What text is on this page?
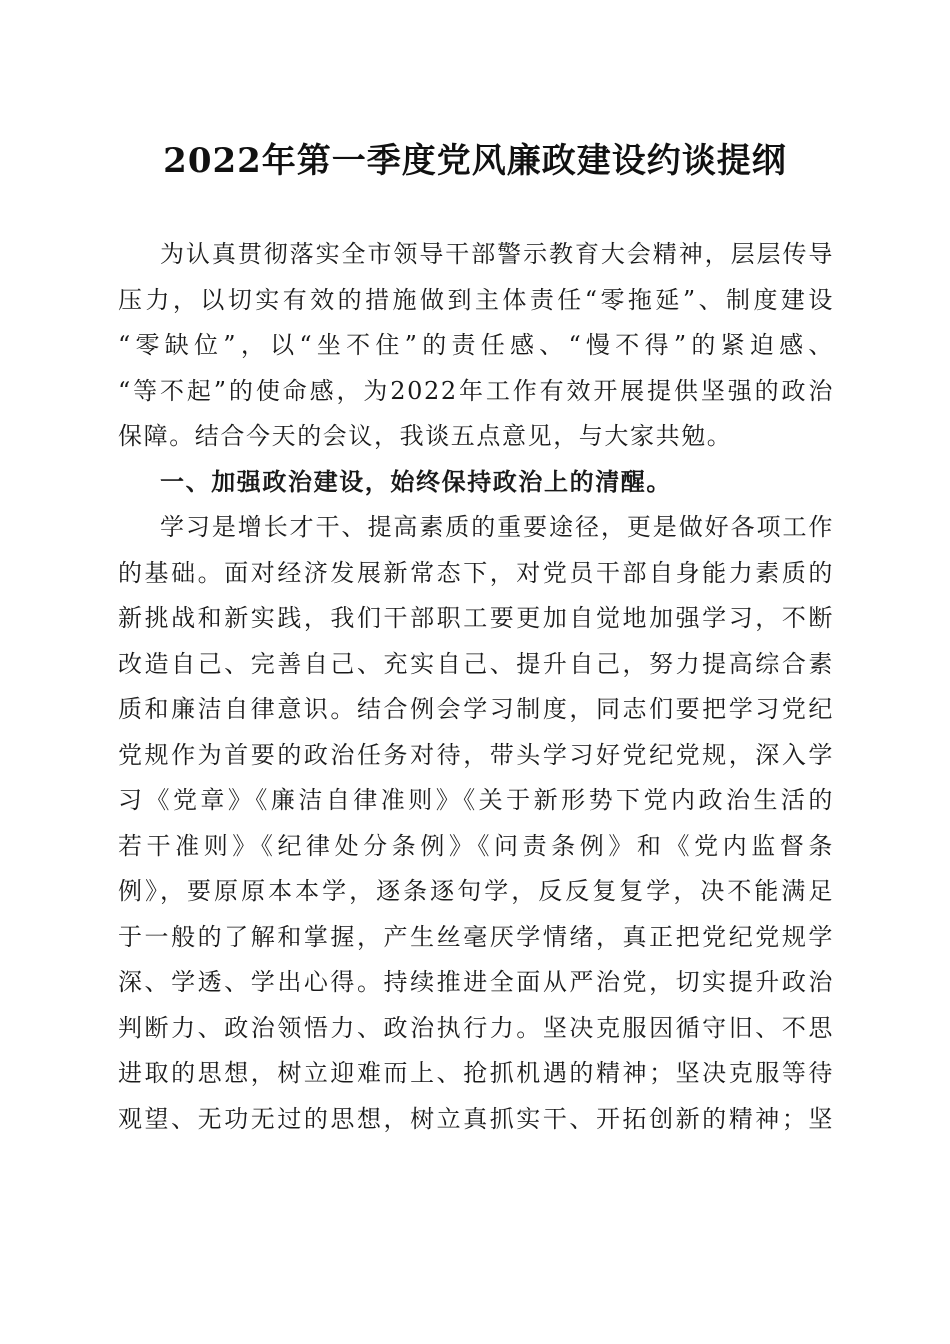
2022年第一季度党风廉政建设约谈提纲
为认真贯彻落实全市领导干部警示教育大会精神，层层传导
压力，以切实有效的措施做到主体责任“零拖延”、制度建设
“零缺位”，以“坐不住”的责任感、“慢不得”的紧迫感、
“等不起”的使命感，为2022年工作有效开展提供坚强的政治
保障。结合今天的会议，我谈五点意见，与大家共勉。
一、加强政治建设，始终保持政治上的清醒。
学习是增长才干、提高素质的重要途径，更是做好各项工作
的基础。面对经济发展新常态下，对党员干部自身能力素质的
新挑战和新实践，我们干部职工要更加自觉地加强学习，不断
改造自己、完善自己、充实自己、提升自己，努力提高综合素
质和廉洁自律意识。结合例会学习制度，同志们要把学习党纪
党规作为首要的政治任务对待，带头学习好党纪党规，深入学
习《党章》《廉洁自律准则》《关于新形势下党内政治生活的
若干准则》《纪律处分条例》《问责条例》和《党内监督条
例》，要原原本本学，逐条逐句学，反反复复学，决不能满足
于一般的了解和掌握，产生丝毫厌学情绪，真正把党纪党规学
深、学透、学出心得。持续推进全面从严治党，切实提升政治
判断力、政治领悟力、政治执行力。坚决克服因循守旧、不思
进取的思想，树立迎难而上、抢抓机遇的精神；坚决克服等待
观望、无功无过的思想，树立真抓实干、开拓创新的精神；坚
